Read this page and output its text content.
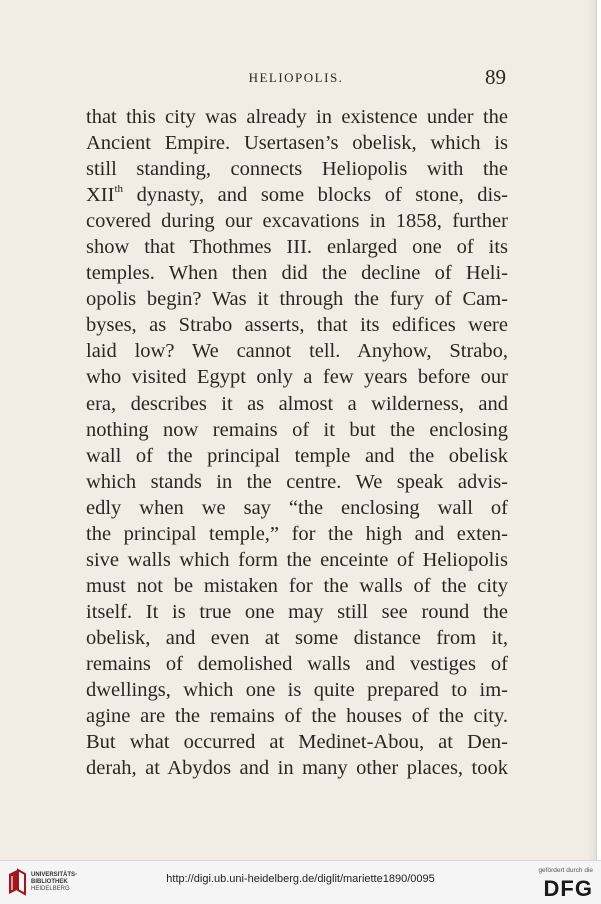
HELIOPOLIS.	89
that this city was already in existence under the
Ancient Empire. Usertasen’s obelisk, which is
still standing, connects Heliopolis with the
XIIth dynasty, and some blocks of stone, dis-
covered during our excavations in 1858, further
show that Thothmes III. enlarged one of its
temples. When then did the decline of Heli-
opolis begin? Was it through the fury of Cam-
byses, as Strabo asserts, that its edifices were
laid low? We cannot tell. Anyhow, Strabo,
who visited Egypt only a few years before our
era, describes it as almost a wilderness, and
nothing now remains of it but the enclosing
wall of the principal temple and the obelisk
which stands in the centre. We speak advis-
edly when we say “the enclosing wall of
the principal temple,” for the high and exten-
sive walls which form the enceinte of Heliopolis
must not be mistaken for the walls of the city
itself. It is true one may still see round the
obelisk, and even at some distance from it,
remains of demolished walls and vestiges of
dwellings, which one is quite prepared to im-
agine are the remains of the houses of the city.
But what occurred at Medinet-Abou, at Den-
derah, at Abydos and in many other places, took
UNIVERSITÄTS-
BIBLIOTHEK
HEIDELBERG
http://digi.ub.uni-heidelberg.de/diglit/mariette1890/0095
gefördert durch die
DFG
